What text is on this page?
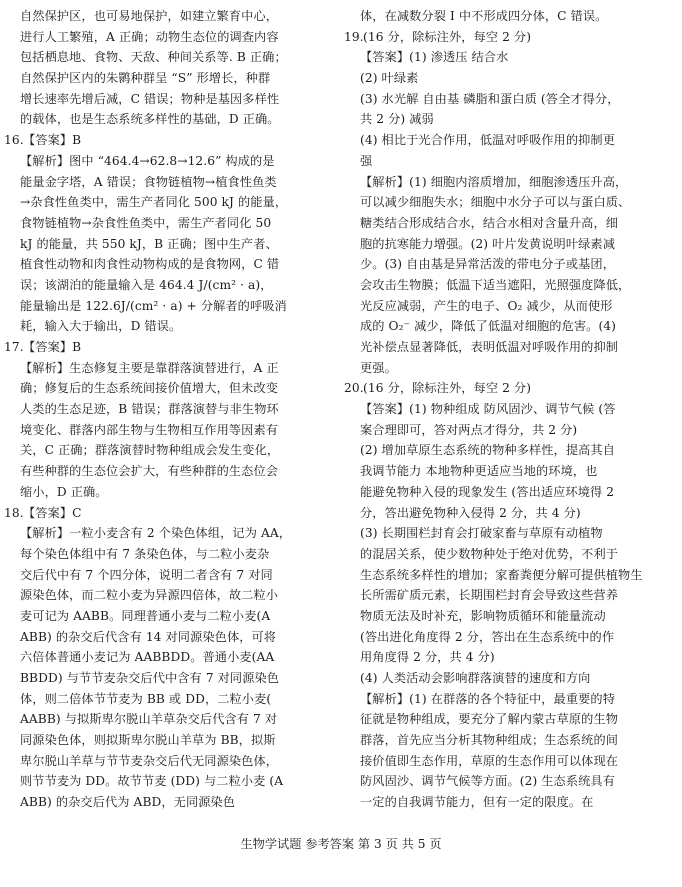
自然保护区，也可易地保护，如建立繁育中心，
进行人工繁殖，A 正确；动物生态位的调查内容
包括栖息地、食物、天敌、种间关系等. B 正确；
自然保护区内的朱鹮种群呈 “S” 形增长，种群
增长速率先增后减，C 错误；物种是基因多样性
的载体，也是生态系统多样性的基础，D 正确。
16.【答案】B
【解析】图中 “464.4→62.8→12.6” 构成的是
能量金字塔，A 错误；食物链植物→植食性鱼类
→杂食性鱼类中，需生产者同化 500 kJ 的能量，
食物链植物→杂食性鱼类中，需生产者同化 50
kJ 的能量，共 550 kJ，B 正确；图中生产者、
植食性动物和肉食性动物构成的是食物网，C 错
误；该湖泊的能量输入是 464.4 J/(cm² · a)，
能量输出是 122.6J/(cm² · a) + 分解者的呼吸消
耗，输入大于输出，D 错误。
17.【答案】B
【解析】生态修复主要是靠群落演替进行，A 正
确；修复后的生态系统间接价值增大，但未改变
人类的生态足迹，B 错误；群落演替与非生物环
境变化、群落内部生物与生物相互作用等因素有
关，C 正确；群落演替时物种组成会发生变化，
有些种群的生态位会扩大，有些种群的生态位会
缩小，D 正确。
18.【答案】C
【解析】一粒小麦含有 2 个染色体组，记为 AA，
每个染色体组中有 7 条染色体，与二粒小麦杂
交后代中有 7 个四分体，说明二者含有 7 对同
源染色体，而二粒小麦为异源四倍体，故二粒小
麦可记为 AABB。同理普通小麦与二粒小麦(A
ABB) 的杂交后代含有 14 对同源染色体，可将
六倍体普通小麦记为 AABBDD。普通小麦(AA
BBDD) 与节节麦杂交后代中含有 7 对同源染色
体，则二倍体节节麦为 BB 或 DD，二粒小麦(
AABB) 与拟斯卑尔脱山羊草杂交后代含有 7 对
同源染色体，则拟斯卑尔脱山羊草为 BB，拟斯
卑尔脱山羊草与节节麦杂交后代无同源染色体，
则节节麦为 DD。故节节麦 (DD) 与二粒小麦 (A
ABB) 的杂交后代为 ABD，无同源染色
体，在减数分裂 Ⅰ 中不形成四分体，C 错误。
19.(16 分，除标注外，每空 2 分)
【答案】(1) 渗透压 结合水
(2) 叶绿素
(3) 水光解 自由基 磷脂和蛋白质 (答全才得分，
共 2 分) 减弱
(4) 相比于光合作用，低温对呼吸作用的抑制更
强
【解析】(1) 细胞内溶质增加，细胞渗透压升高，
可以减少细胞失水；细胞中水分子可以与蛋白质、
糖类结合形成结合水，结合水相对含量升高，细
胞的抗寒能力增强。(2) 叶片发黄说明叶绿素减
少。(3) 自由基是异常活泼的带电分子或基团，
会攻击生物膜；低温下适当遮阳，光照强度降低，
光反应减弱，产生的电子、O₂ 减少，从而使形
成的 O₂⁻ 减少，降低了低温对细胞的危害。(4)
光补偿点显著降低，表明低温对呼吸作用的抑制
更强。
20.(16 分，除标注外，每空 2 分)
【答案】(1) 物种组成 防风固沙、调节气候 (答
案合理即可，答对两点才得分，共 2 分)
(2) 增加草原生态系统的物种多样性，提高其自
我调节能力 本地物种更适应当地的环境，也
能避免物种入侵的现象发生 (答出适应环境得 2
分，答出避免物种入侵得 2 分，共 4 分)
(3) 长期围栏封育会打破家畜与草原有动植物
的混居关系，使少数物种处于绝对优势，不利于
生态系统多样性的增加；家畜粪便分解可提供植物生
长所需矿质元素，长期围栏封育会导致这些营养
物质无法及时补充，影响物质循环和能量流动
(答出进化角度得 2 分，答出在生态系统中的作
用角度得 2 分，共 4 分)
(4) 人类活动会影响群落演替的速度和方向
【解析】(1) 在群落的各个特征中，最重要的特
征就是物种组成，要充分了解内蒙古草原的生物
群落，首先应当分析其物种组成；生态系统的间
接价值即生态作用，草原的生态作用可以体现在
防风固沙、调节气候等方面。(2) 生态系统具有
一定的自我调节能力，但有一定的限度。在
生物学试题 参考答案 第 3 页 共 5 页
